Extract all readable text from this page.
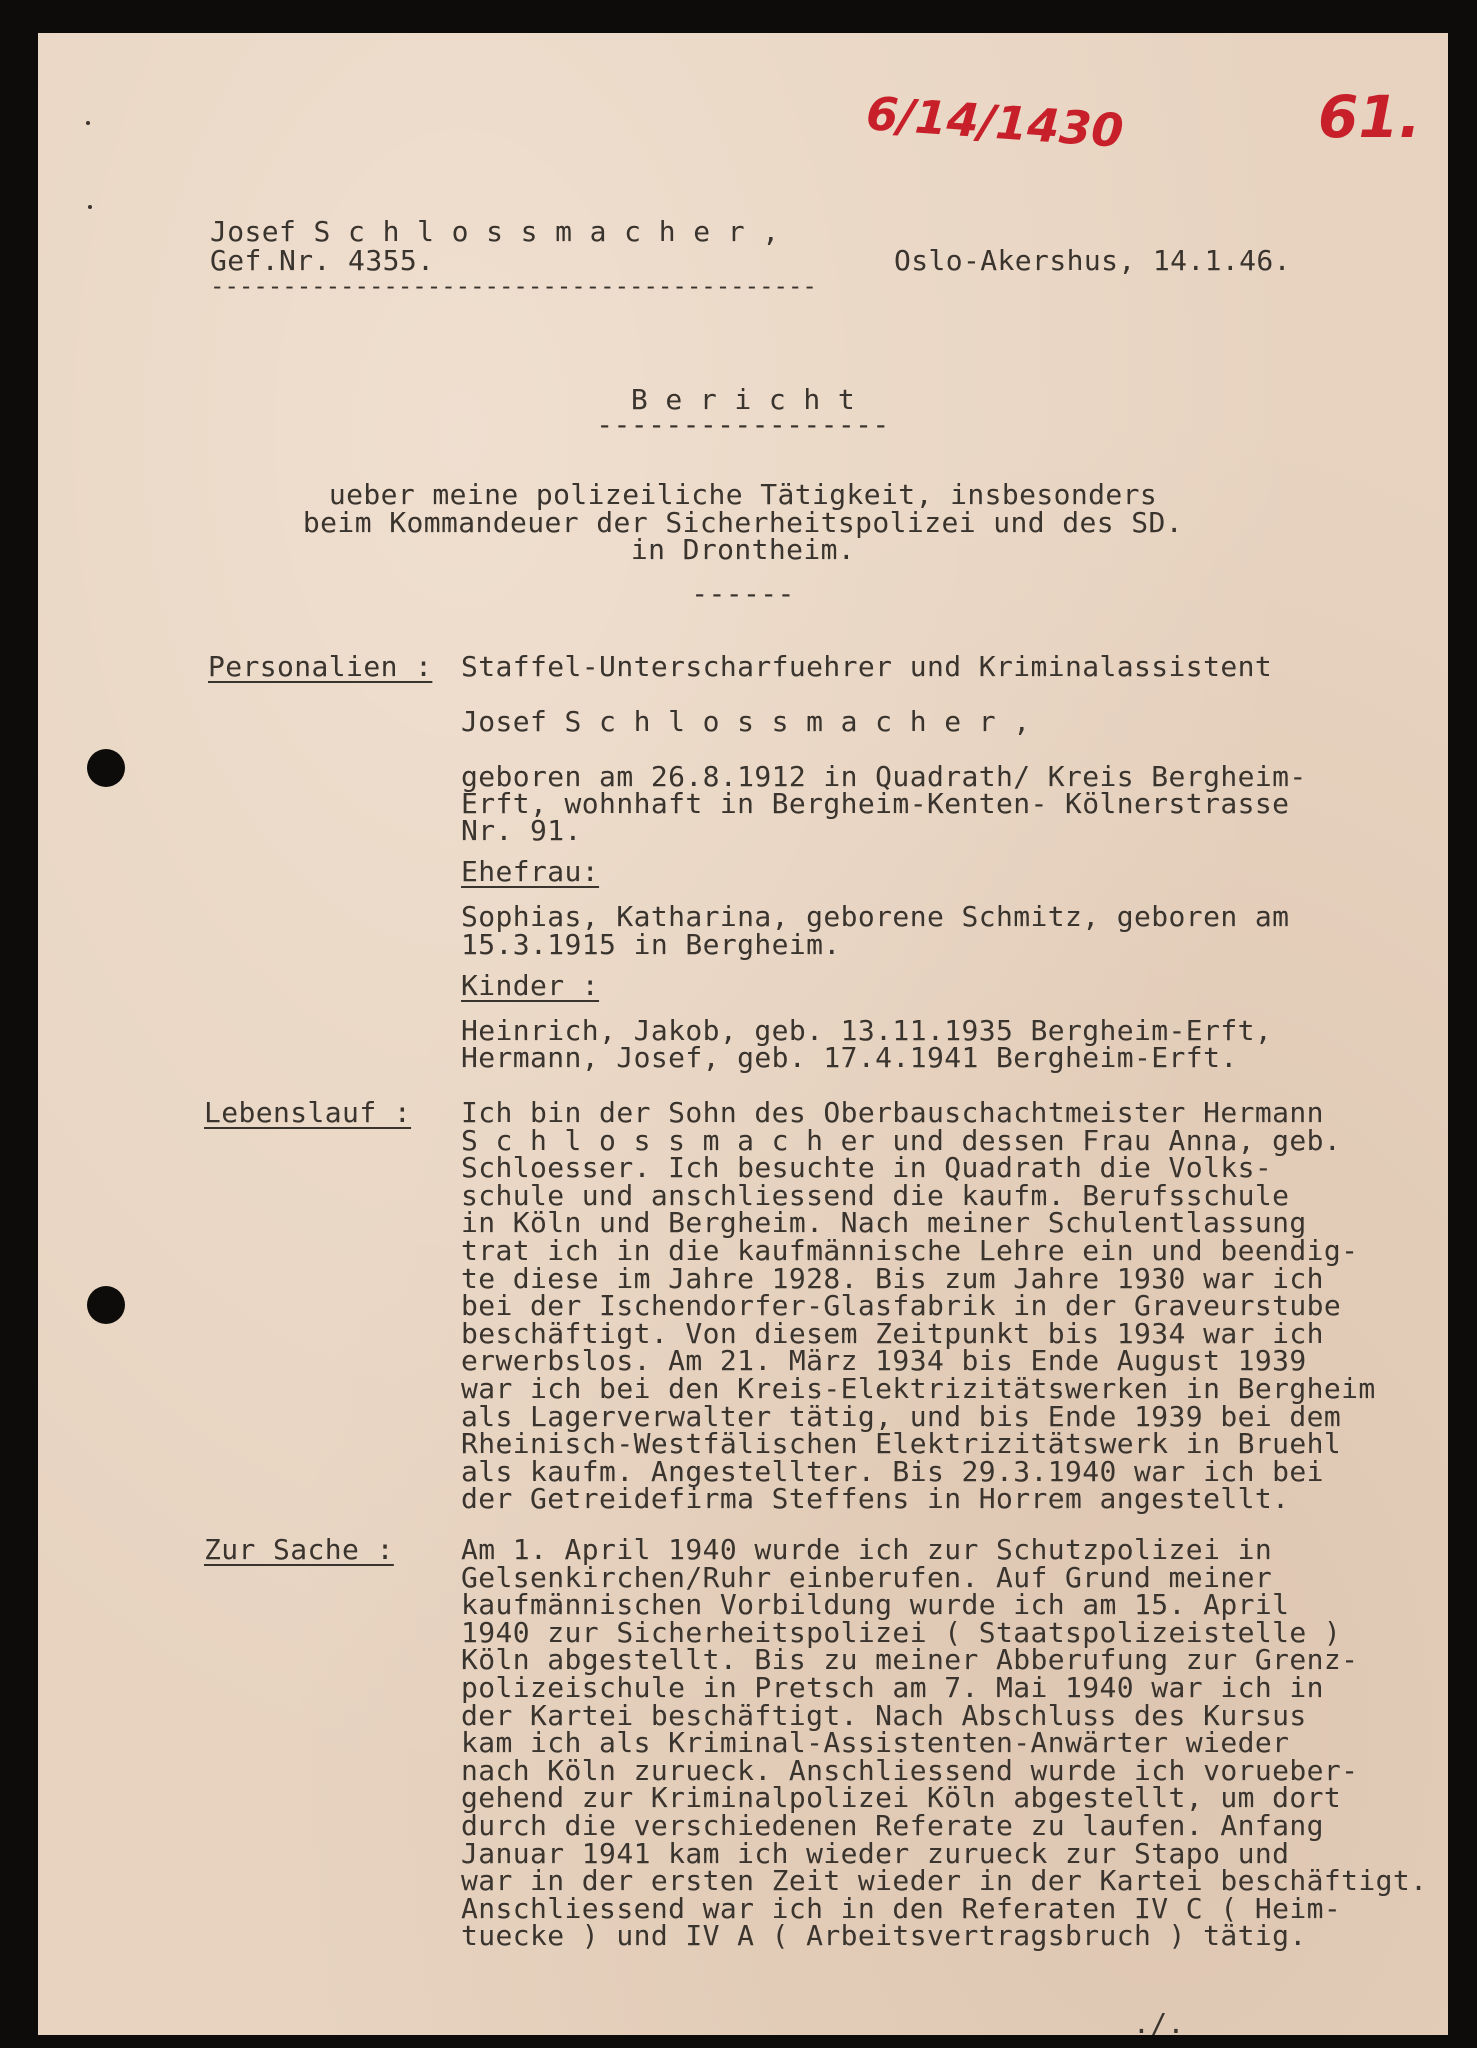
6/14/1430	61.
Josef S c h l o s s m a c h e r ,
Gef.Nr. 4355.	Oslo-Akershus, 14.1.46.
------------------------------------------
B e r i c h t
-----------------
ueber meine polizeiliche Tätigkeit, insbesonders
beim Kommandeuer der Sicherheitspolizei und des SD.
in Drontheim.
------
Personalien : Staffel-Unterscharfuehrer und Kriminalassistent
Josef S c h l o s s m a c h e r ,
geboren am 26.8.1912 in Quadrath/ Kreis Bergheim-
Erft, wohnhaft in Bergheim-Kenten- Kölnerstrasse
Nr. 91.
Ehefrau:
Sophias, Katharina, geborene Schmitz, geboren am
15.3.1915 in Bergheim.
Kinder :
Heinrich, Jakob, geb. 13.11.1935 Bergheim-Erft,
Hermann, Josef, geb. 17.4.1941 Bergheim-Erft.
Lebenslauf : Ich bin der Sohn des Oberbauschachtmeister Hermann
S c h l o s s m a c h er und dessen Frau Anna, geb.
Schloesser. Ich besuchte in Quadrath die Volks-
schule und anschliessend die kaufm. Berufsschule
in Köln und Bergheim. Nach meiner Schulentlassung
trat ich in die kaufmännische Lehre ein und beendig-
te diese im Jahre 1928. Bis zum Jahre 1930 war ich
bei der Ischendorfer-Glasfabrik in der Graveurstube
beschäftigt. Von diesem Zeitpunkt bis 1934 war ich
erwerbslos. Am 21. März 1934 bis Ende August 1939
war ich bei den Kreis-Elektrizitätswerken in Bergheim
als Lagerverwalter tätig, und bis Ende 1939 bei dem
Rheinisch-Westfälischen Elektrizitätswerk in Bruehl
als kaufm. Angestellter. Bis 29.3.1940 war ich bei
der Getreidefirma Steffens in Horrem angestellt.
Zur Sache : Am 1. April 1940 wurde ich zur Schutzpolizei in
Gelsenkirchen/Ruhr einberufen. Auf Grund meiner
kaufmännischen Vorbildung wurde ich am 15. April
1940 zur Sicherheitspolizei ( Staatspolizeistelle )
Köln abgestellt. Bis zu meiner Abberufung zur Grenz-
polizeischule in Pretsch am 7. Mai 1940 war ich in
der Kartei beschäftigt. Nach Abschluss des Kursus
kam ich als Kriminal-Assistenten-Anwärter wieder
nach Köln zurueck. Anschliessend wurde ich vorueber-
gehend zur Kriminalpolizei Köln abgestellt, um dort
durch die verschiedenen Referate zu laufen. Anfang
Januar 1941 kam ich wieder zurueck zur Stapo und
war in der ersten Zeit wieder in der Kartei beschäftigt.
Anschliessend war ich in den Referaten IV C ( Heim-
tuecke ) und IV A ( Arbeitsvertragsbruch ) tätig.
./.
